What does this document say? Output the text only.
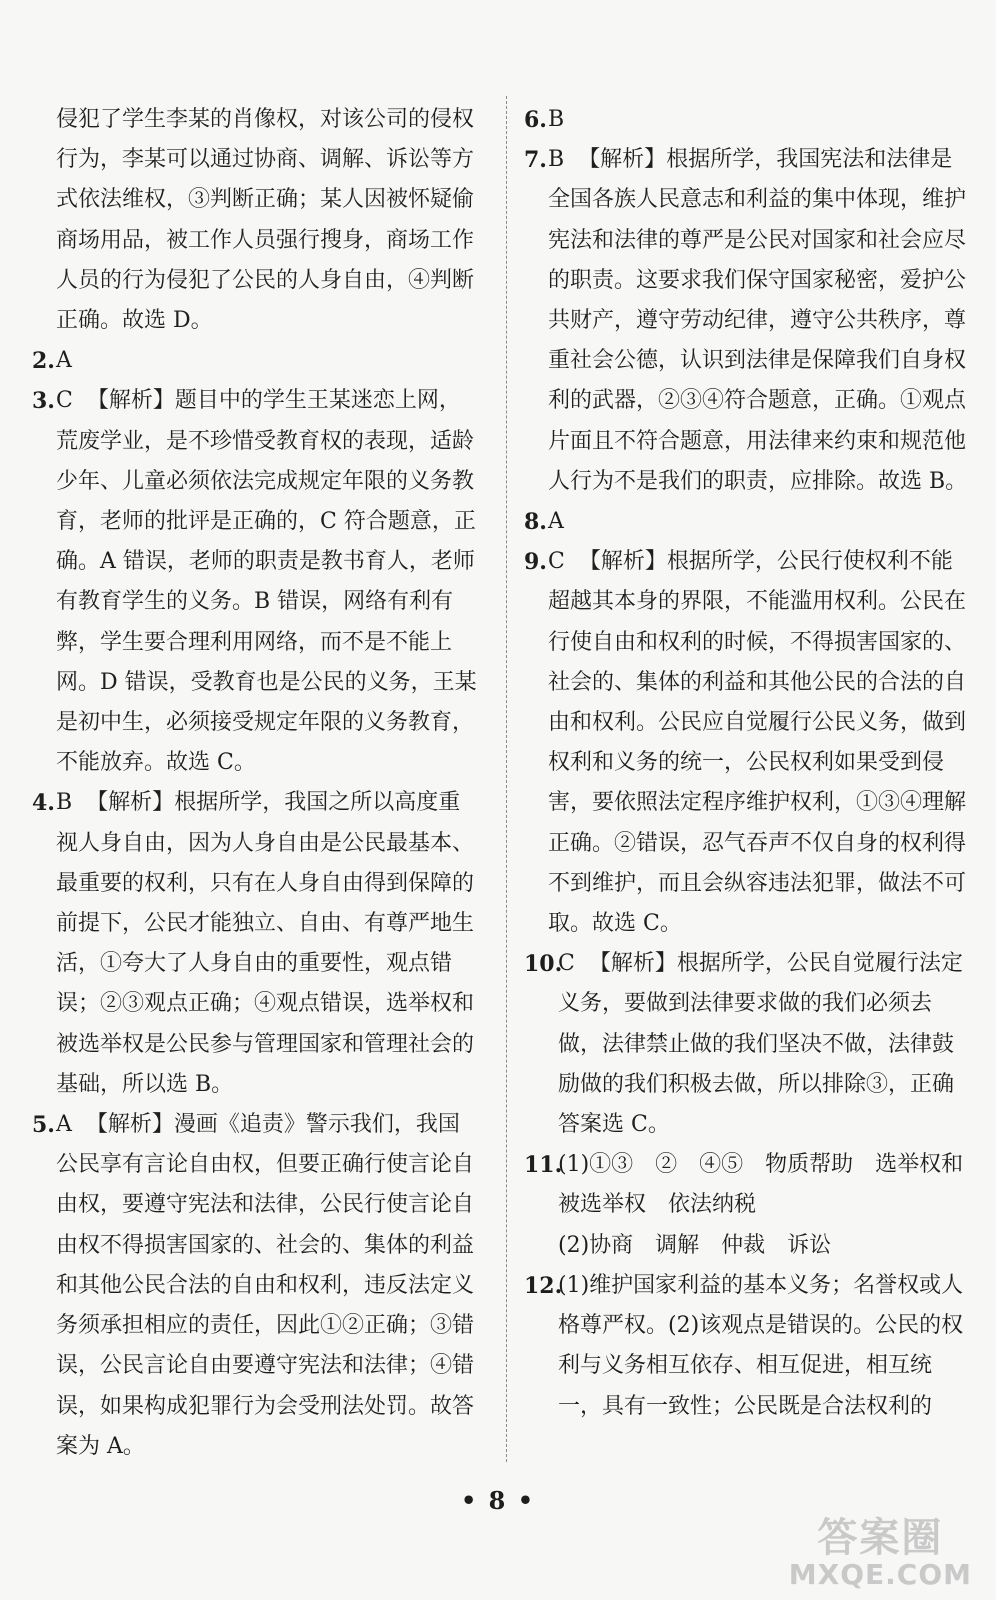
侵犯了学生李某的肖像权，对该公司的侵权行为，李某可以通过协商、调解、诉讼等方式依法维权，③判断正确；某人因被怀疑偷商场用品，被工作人员强行搜身，商场工作人员的行为侵犯了公民的人身自由，④判断正确。故选 D。
2. A
3. C 【解析】题目中的学生王某迷恋上网，荒废学业，是不珍惜受教育权的表现，适龄少年、儿童必须依法完成规定年限的义务教育，老师的批评是正确的，C 符合题意，正确。A 错误，老师的职责是教书育人，老师有教育学生的义务。B 错误，网络有利有弊，学生要合理利用网络，而不是不能上网。D 错误，受教育也是公民的义务，王某是初中生，必须接受规定年限的义务教育，不能放弃。故选 C。
4. B 【解析】根据所学，我国之所以高度重视人身自由，因为人身自由是公民最基本、最重要的权利，只有在人身自由得到保障的前提下，公民才能独立、自由、有尊严地生活，①夸大了人身自由的重要性，观点错误；②③观点正确；④观点错误，选举权和被选举权是公民参与管理国家和管理社会的基础，所以选 B。
5. A 【解析】漫画《追责》警示我们，我国公民享有言论自由权，但要正确行使言论自由权，要遵守宪法和法律，公民行使言论自由权不得损害国家的、社会的、集体的利益和其他公民合法的自由和权利，违反法定义务须承担相应的责任，因此①②正确；③错误，公民言论自由要遵守宪法和法律；④错误，如果构成犯罪行为会受刑法处罚。故答案为 A。
6. B
7. B 【解析】根据所学，我国宪法和法律是全国各族人民意志和利益的集中体现，维护宪法和法律的尊严是公民对国家和社会应尽的职责。这要求我们保守国家秘密，爱护公共财产，遵守劳动纪律，遵守公共秩序，尊重社会公德，认识到法律是保障我们自身权利的武器，②③④符合题意，正确。①观点片面且不符合题意，用法律来约束和规范他人行为不是我们的职责，应排除。故选 B。
8. A
9. C 【解析】根据所学，公民行使权利不能超越其本身的界限，不能滥用权利。公民在行使自由和权利的时候，不得损害国家的、社会的、集体的利益和其他公民的合法的自由和权利。公民应自觉履行公民义务，做到权利和义务的统一，公民权利如果受到侵害，要依照法定程序维护权利，①③④理解正确。②错误，忍气吞声不仅自身的权利得不到维护，而且会纵容违法犯罪，做法不可取。故选 C。
10.
C 【解析】根据所学，公民自觉履行法定义务，要做到法律要求做的我们必须去做，法律禁止做的我们坚决不做，法律鼓励做的我们积极去做，所以排除③，正确答案选 C。
11.
(1)①③　②　④⑤　物质帮助　选举权和被选举权　依法纳税
(2)协商　调解　仲裁　诉讼
12.
(1)维护国家利益的基本义务；名誉权或人格尊严权。(2)该观点是错误的。公民的权利与义务相互依存、相互促进，相互统一，具有一致性；公民既是合法权利的
• 8 •
答案圈
MXQE.COM
